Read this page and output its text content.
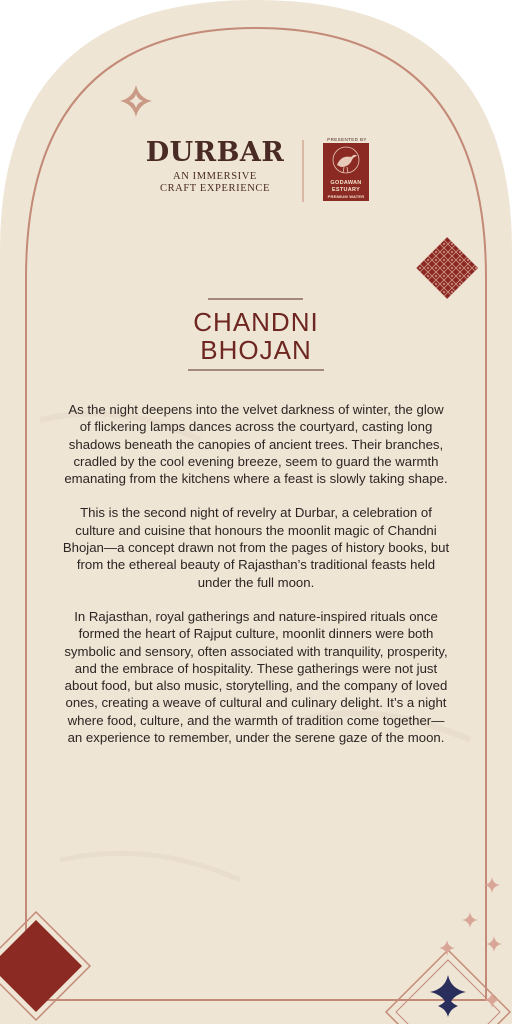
DURBAR
AN IMMERSIVE
CRAFT EXPERIENCE
PRESENTED BY
GODAWAN
ESTUARY
PREMIUM WATER
CHANDNI
BHOJAN

As the night deepens into the velvet darkness of winter, the glow of flickering lamps dances across the courtyard, casting long shadows beneath the canopies of ancient trees. Their branches, cradled by the cool evening breeze, seem to guard the warmth emanating from the kitchens where a feast is slowly taking shape.

This is the second night of revelry at Durbar, a celebration of culture and cuisine that honours the moonlit magic of Chandni Bhojan—a concept drawn not from the pages of history books, but from the ethereal beauty of Rajasthan’s traditional feasts held under the full moon.

In Rajasthan, royal gatherings and nature-inspired rituals once formed the heart of Rajput culture, moonlit dinners were both symbolic and sensory, often associated with tranquility, prosperity, and the embrace of hospitality. These gatherings were not just about food, but also music, storytelling, and the company of loved ones, creating a weave of cultural and culinary delight. It’s a night where food, culture, and the warmth of tradition come together—an experience to remember, under the serene gaze of the moon.
